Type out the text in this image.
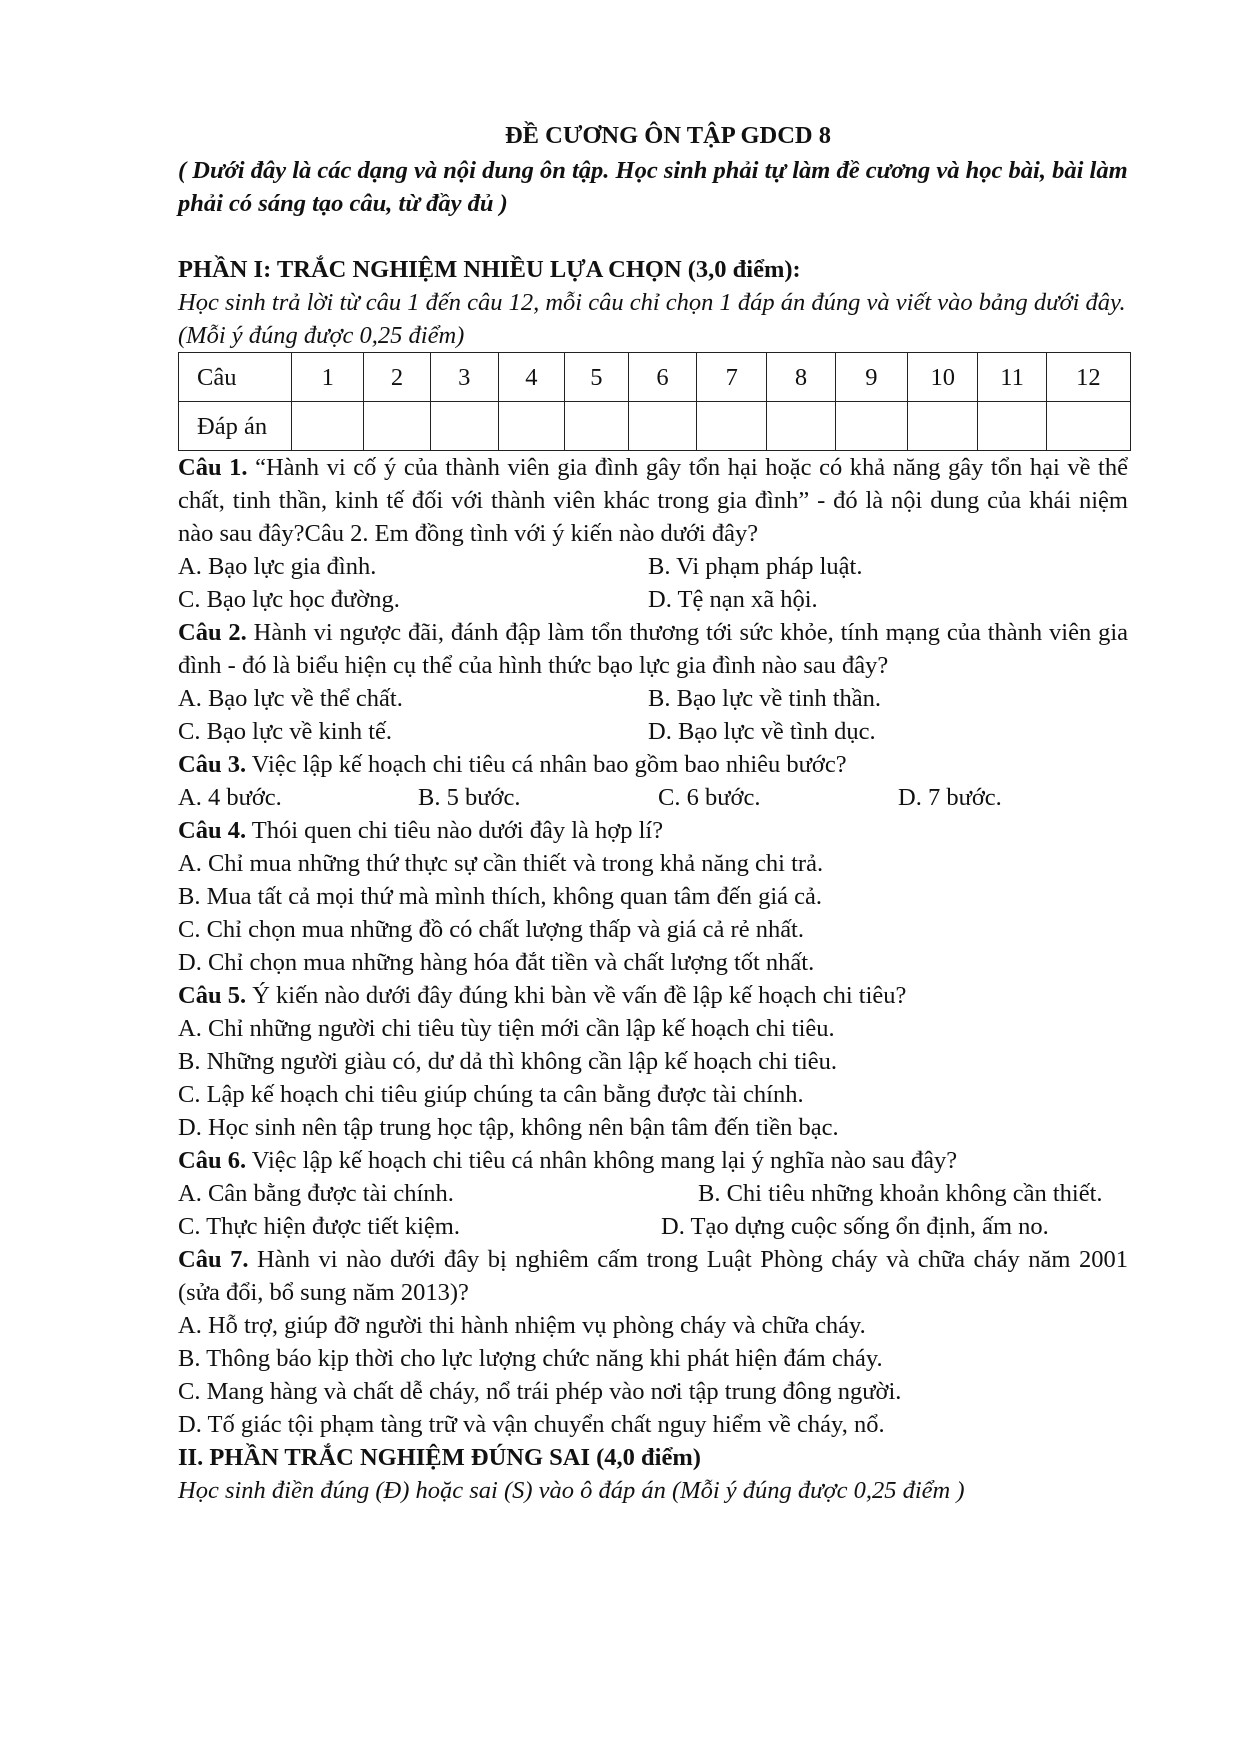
ĐỀ CƯƠNG ÔN TẬP GDCD 8

( Dưới đây là các dạng và nội dung ôn tập. Học sinh phải tự làm đề cương và học bài, bài làm phải có sáng tạo câu, từ đầy đủ )

PHẦN I: TRẮC NGHIỆM NHIỀU LỰA CHỌN (3,0 điểm):

Học sinh trả lời từ câu 1 đến câu 12, mỗi câu chỉ chọn 1 đáp án đúng và viết vào bảng dưới đây.(Mỗi ý đúng được 0,25 điểm)

Câu	1	2	3	4	5	6	7	8	9	10	11	12
Đáp án												

Câu 1. “Hành vi cố ý của thành viên gia đình gây tổn hại hoặc có khả năng gây tổn hại về thể chất, tinh thần, kinh tế đối với thành viên khác trong gia đình” - đó là nội dung của khái niệm nào sau đây?Câu 2. Em đồng tình với ý kiến nào dưới đây?

A. Bạo lực gia đình.	B. Vi phạm pháp luật.
C. Bạo lực học đường.	D. Tệ nạn xã hội.

Câu 2. Hành vi ngược đãi, đánh đập làm tổn thương tới sức khỏe, tính mạng của thành viên gia đình - đó là biểu hiện cụ thể của hình thức bạo lực gia đình nào sau đây?

A. Bạo lực về thể chất.	B. Bạo lực về tinh thần.
C. Bạo lực về kinh tế.	D. Bạo lực về tình dục.

Câu 3. Việc lập kế hoạch chi tiêu cá nhân bao gồm bao nhiêu bước?

A. 4 bước.	B. 5 bước.	C. 6 bước.	D. 7 bước.

Câu 4. Thói quen chi tiêu nào dưới đây là hợp lí?

A. Chỉ mua những thứ thực sự cần thiết và trong khả năng chi trả.

B. Mua tất cả mọi thứ mà mình thích, không quan tâm đến giá cả.

C. Chỉ chọn mua những đồ có chất lượng thấp và giá cả rẻ nhất.

D. Chỉ chọn mua những hàng hóa đắt tiền và chất lượng tốt nhất.

Câu 5. Ý kiến nào dưới đây đúng khi bàn về vấn đề lập kế hoạch chi tiêu?

A. Chỉ những người chi tiêu tùy tiện mới cần lập kế hoạch chi tiêu.

B. Những người giàu có, dư dả thì không cần lập kế hoạch chi tiêu.

C. Lập kế hoạch chi tiêu giúp chúng ta cân bằng được tài chính.

D. Học sinh nên tập trung học tập, không nên bận tâm đến tiền bạc.

Câu 6. Việc lập kế hoạch chi tiêu cá nhân không mang lại ý nghĩa nào sau đây?

A. Cân bằng được tài chính.	B. Chi tiêu những khoản không cần thiết.
C. Thực hiện được tiết kiệm.	D. Tạo dựng cuộc sống ổn định, ấm no.

Câu 7. Hành vi nào dưới đây bị nghiêm cấm trong Luật Phòng cháy và chữa cháy năm 2001 (sửa đổi, bổ sung năm 2013)?

A. Hỗ trợ, giúp đỡ người thi hành nhiệm vụ phòng cháy và chữa cháy.

B. Thông báo kịp thời cho lực lượng chức năng khi phát hiện đám cháy.

C. Mang hàng và chất dễ cháy, nổ trái phép vào nơi tập trung đông người.

D. Tố giác tội phạm tàng trữ và vận chuyển chất nguy hiểm về cháy, nổ.

II. PHẦN TRẮC NGHIỆM ĐÚNG SAI (4,0 điểm)

Học sinh điền đúng (Đ) hoặc sai (S) vào ô đáp án (Mỗi ý đúng được 0,25 điểm )
